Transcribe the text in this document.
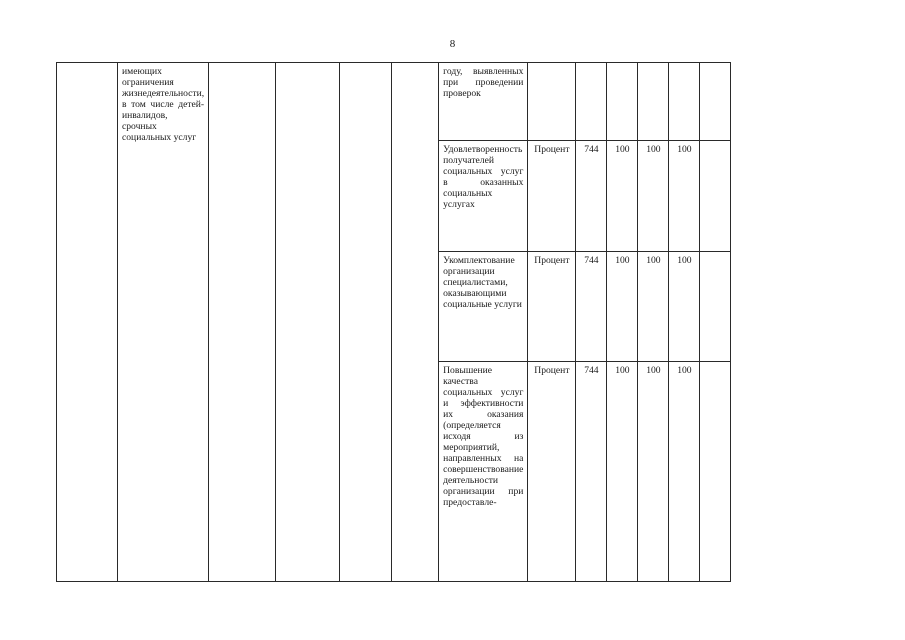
8
	имеющих ограничения жизнедеятельности, в том числе детей-инвалидов, срочных социальных услуг					году, выявленных при проведении проверок						
						Удовлетворенность получателей социальных услуг в оказанных социальных услугах	Процент	744	100	100	100	
						Укомплектование организации специалистами, оказывающими социальные услуги	Процент	744	100	100	100	
						Повышение качества социальных услуг и эффективности их оказания (определяется исходя из мероприятий, направленных на совершенствование деятельности организации при предоставле-	Процент	744	100	100	100	
